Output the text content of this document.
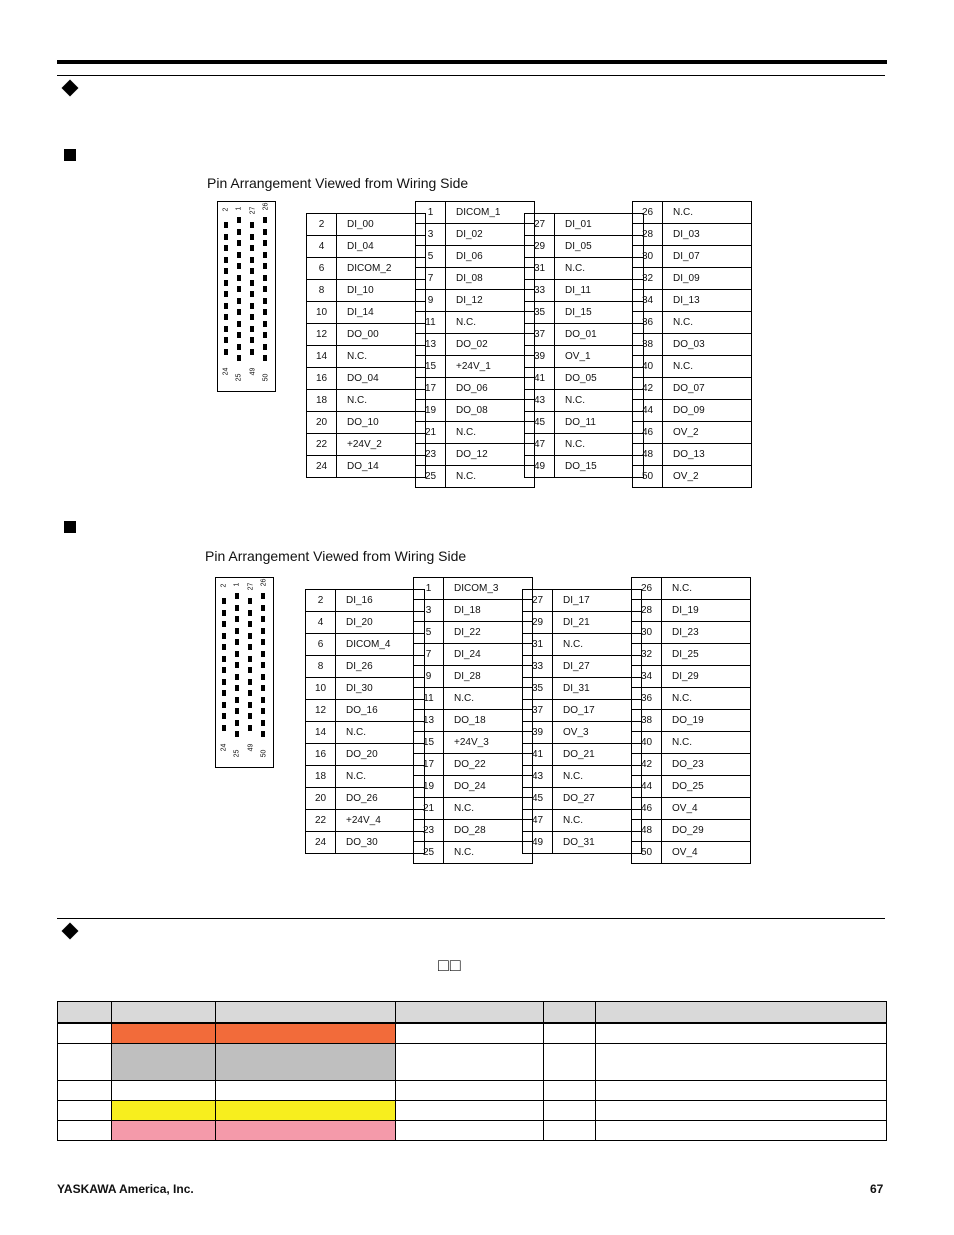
Pin Arrangement Viewed from Wiring Side
2 1 27
26
24
25
49
50
2	DI_00
4	DI_04
6	DICOM_2
8	DI_10
10	DI_14
12	DO_00
14	N.C.
16	DO_04
18	N.C.
20	DO_10
22	+24V_2
24	DO_14
1	DICOM_1
3	DI_02
5	DI_06
7	DI_08
9	DI_12
11	N.C.
13	DO_02
15	+24V_1
17	DO_06
19	DO_08
21	N.C.
23	DO_12
25	N.C.
27	DI_01
29	DI_05
31	N.C.
33	DI_11
35	DI_15
37	DO_01
39	OV_1
41	DO_05
43	N.C.
45	DO_11
47	N.C.
49	DO_15
26	N.C.
28	DI_03
30	DI_07
32	DI_09
34	DI_13
36	N.C.
38	DO_03
40	N.C.
42	DO_07
44	DO_09
46	OV_2
48	DO_13
50	OV_2
Pin Arrangement Viewed from Wiring Side
2 1 27
26
24
25
49
50
2	DI_16
4	DI_20
6	DICOM_4
8	DI_26
10	DI_30
12	DO_16
14	N.C.
16	DO_20
18	N.C.
20	DO_26
22	+24V_4
24	DO_30
1	DICOM_3
3	DI_18
5	DI_22
7	DI_24
9	DI_28
11	N.C.
13	DO_18
15	+24V_3
17	DO_22
19	DO_24
21	N.C.
23	DO_28
25	N.C.
27	DI_17
29	DI_21
31	N.C.
33	DI_27
35	DI_31
37	DO_17
39	OV_3
41	DO_21
43	N.C.
45	DO_27
47	N.C.
49	DO_31
26	N.C.
28	DI_19
30	DI_23
32	DI_25
34	DI_29
36	N.C.
38	DO_19
40	N.C.
42	DO_23
44	DO_25
46	OV_4
48	DO_29
50	OV_4
□□

YASKAWA America, Inc.	67
